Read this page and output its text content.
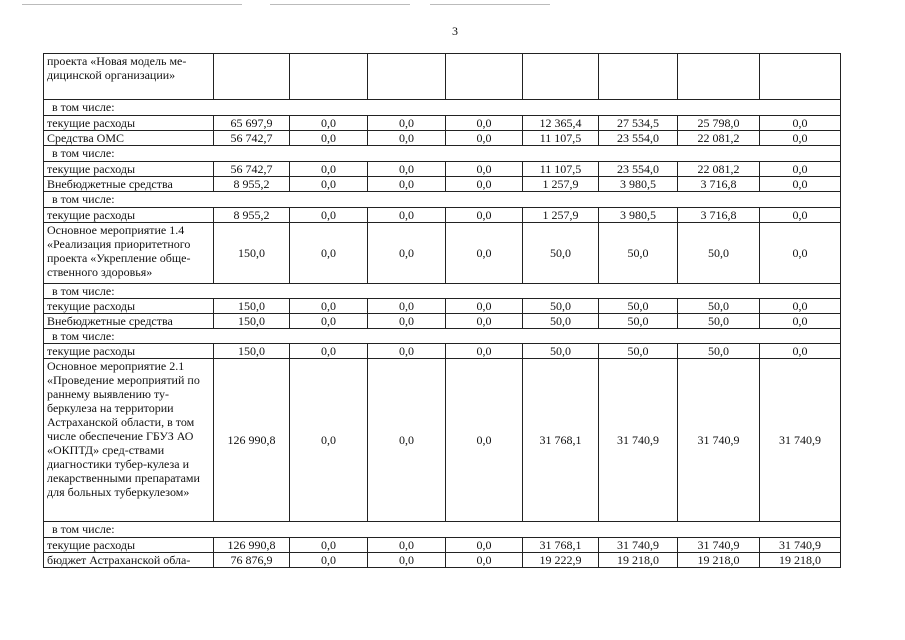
3
проекта «Новая модель ме-дицинской организации»								
в том числе:								
текущие расходы	65 697,9	0,0	0,0	0,0	12 365,4	27 534,5	25 798,0	0,0
Средства ОМС	56 742,7	0,0	0,0	0,0	11 107,5	23 554,0	22 081,2	0,0
в том числе:								
текущие расходы	56 742,7	0,0	0,0	0,0	11 107,5	23 554,0	22 081,2	0,0
Внебюджетные средства	8 955,2	0,0	0,0	0,0	1 257,9	3 980,5	3 716,8	0,0
в том числе:								
текущие расходы	8 955,2	0,0	0,0	0,0	1 257,9	3 980,5	3 716,8	0,0
Основное мероприятие 1.4 «Реализация приоритетного проекта «Укрепление обще-ственного здоровья»	150,0	0,0	0,0	0,0	50,0	50,0	50,0	0,0
в том числе:								
текущие расходы	150,0	0,0	0,0	0,0	50,0	50,0	50,0	0,0
Внебюджетные средства	150,0	0,0	0,0	0,0	50,0	50,0	50,0	0,0
в том числе:								
текущие расходы	150,0	0,0	0,0	0,0	50,0	50,0	50,0	0,0
Основное мероприятие 2.1 «Проведение мероприятий по раннему выявлению ту-беркулеза на территории Астраханской области, в том числе обеспечение ГБУЗ АО «ОКПТД» сред-ствами диагностики тубер-кулеза и лекарственными препаратами для больных туберкулезом»	126 990,8	0,0	0,0	0,0	31 768,1	31 740,9	31 740,9	31 740,9
в том числе:								
текущие расходы	126 990,8	0,0	0,0	0,0	31 768,1	31 740,9	31 740,9	31 740,9
бюджет Астраханской обла-	76 876,9	0,0	0,0	0,0	19 222,9	19 218,0	19 218,0	19 218,0
